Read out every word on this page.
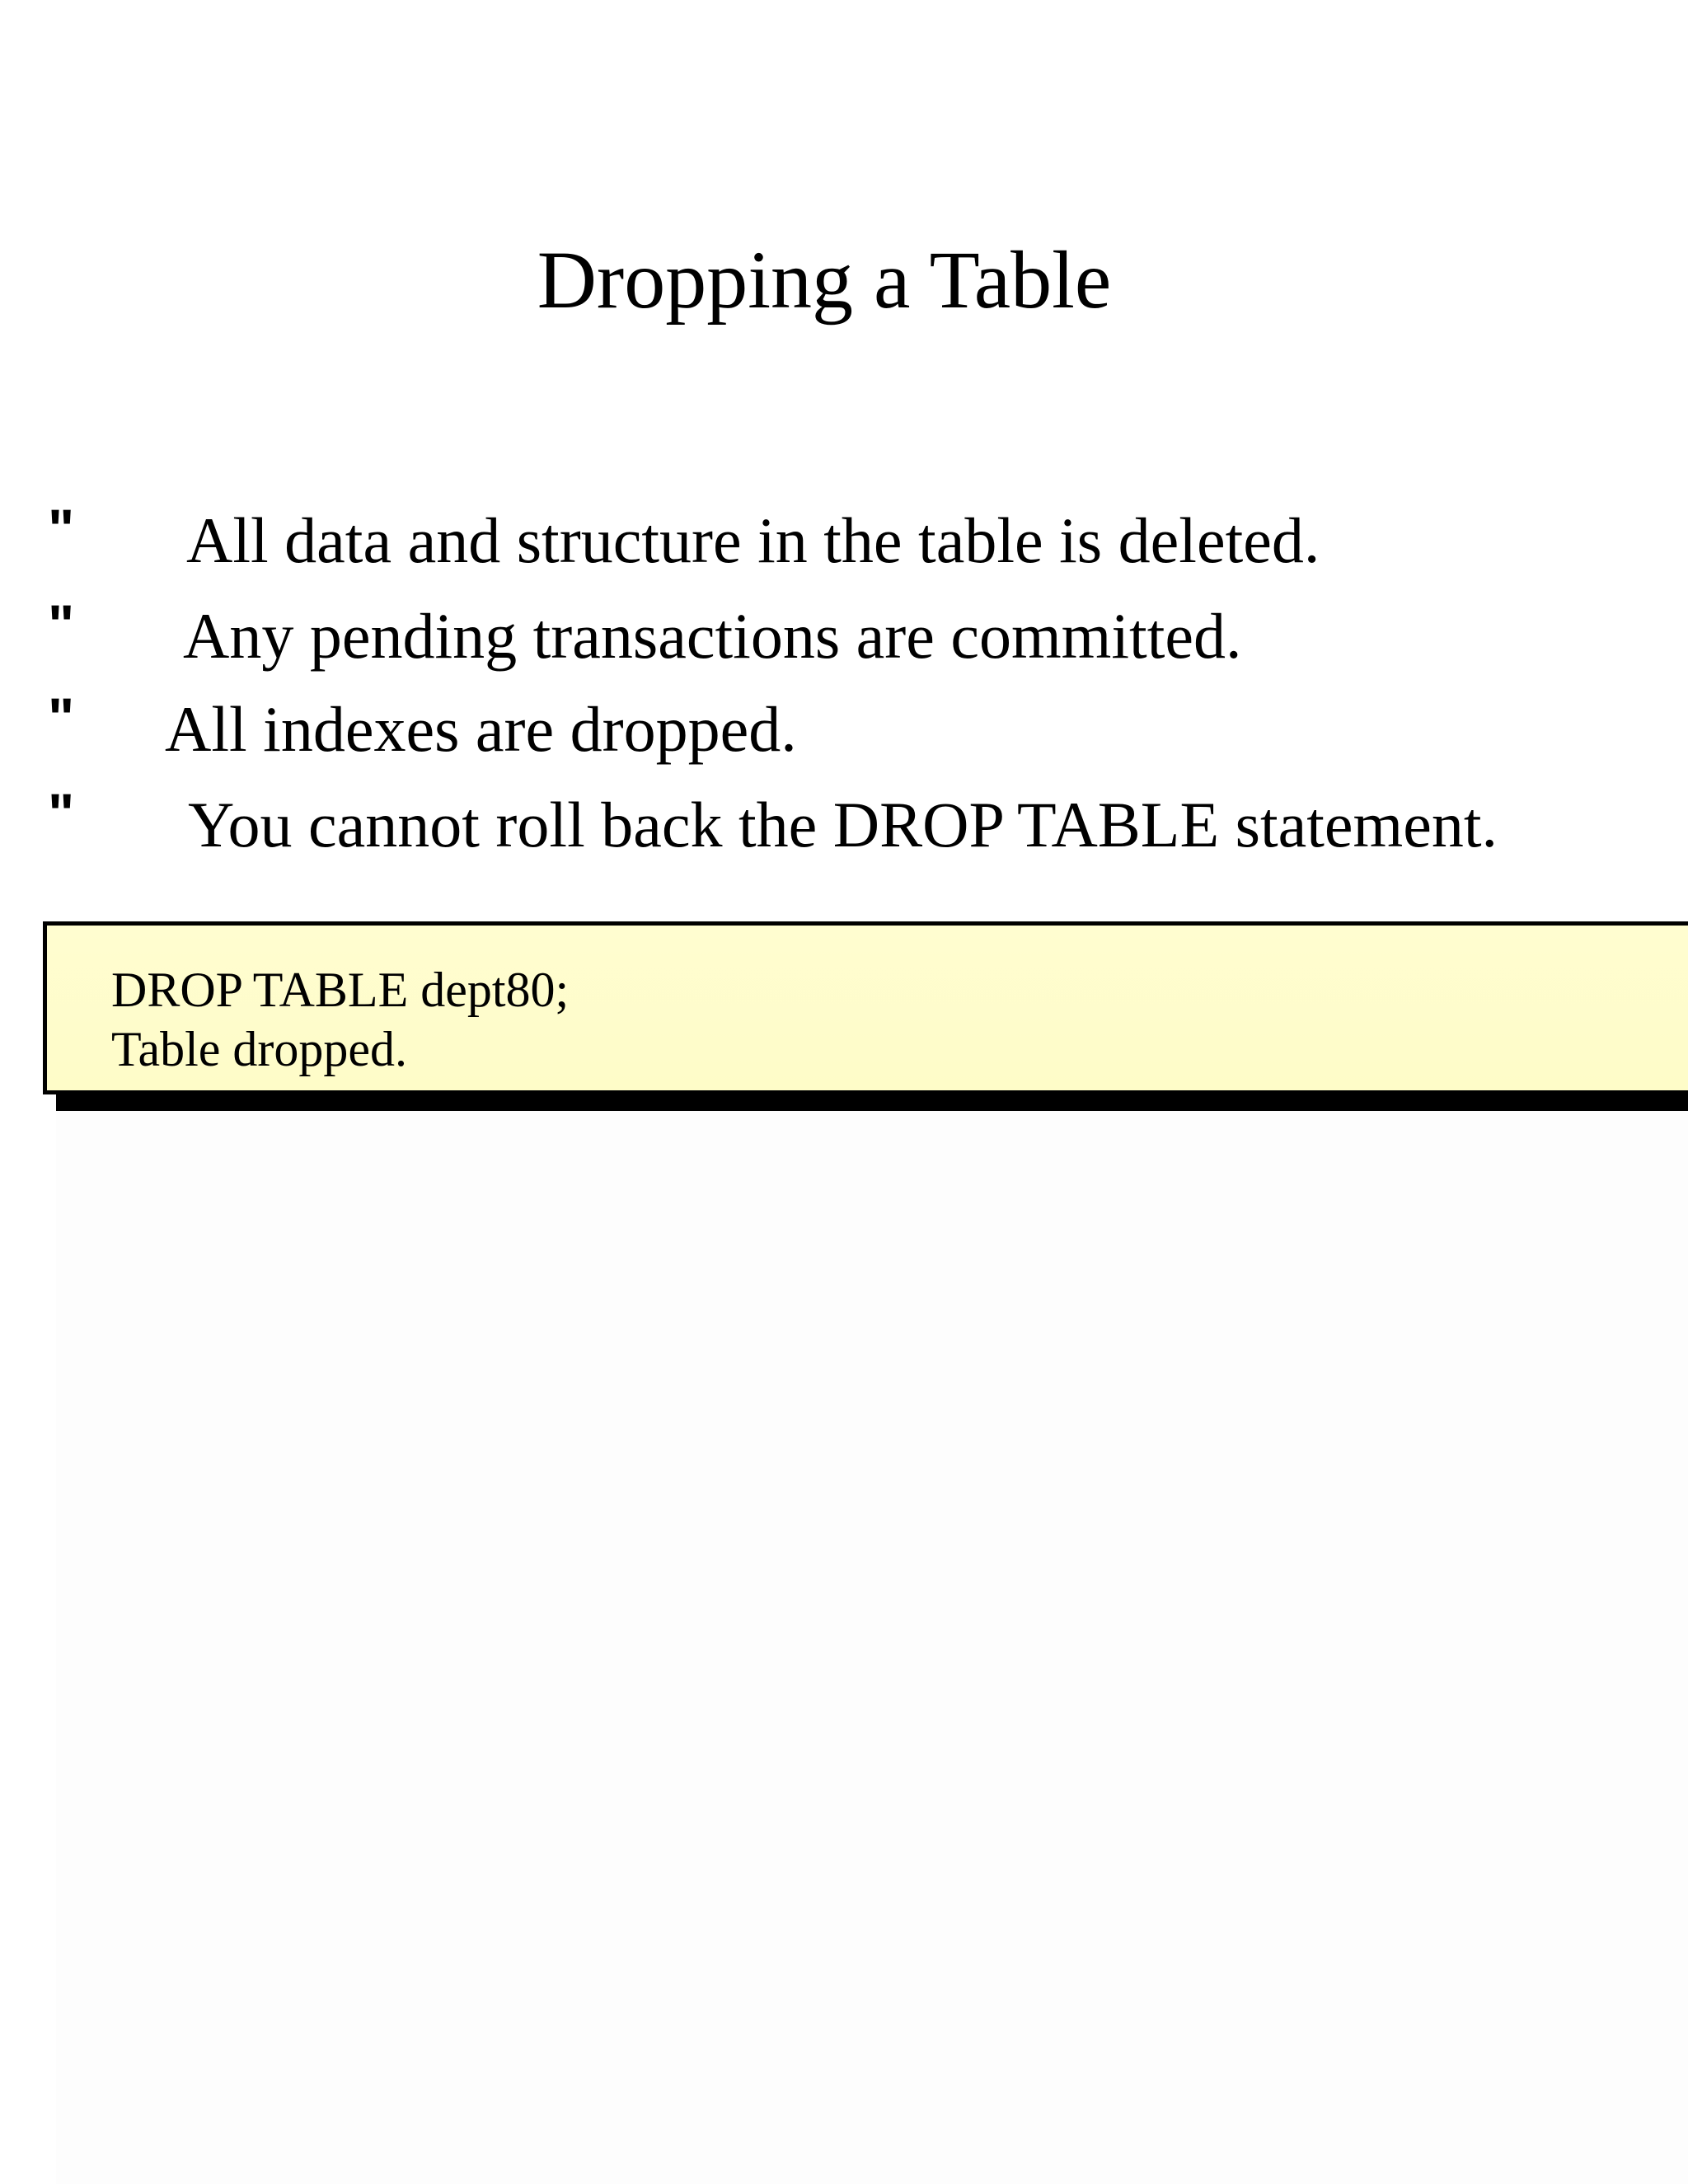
Dropping a Table
" All data and structure in the table is deleted.
" Any pending transactions are committed.
" All indexes are dropped.
" You cannot roll back the DROP TABLE statement.
DROP TABLE dept80;
Table dropped.
